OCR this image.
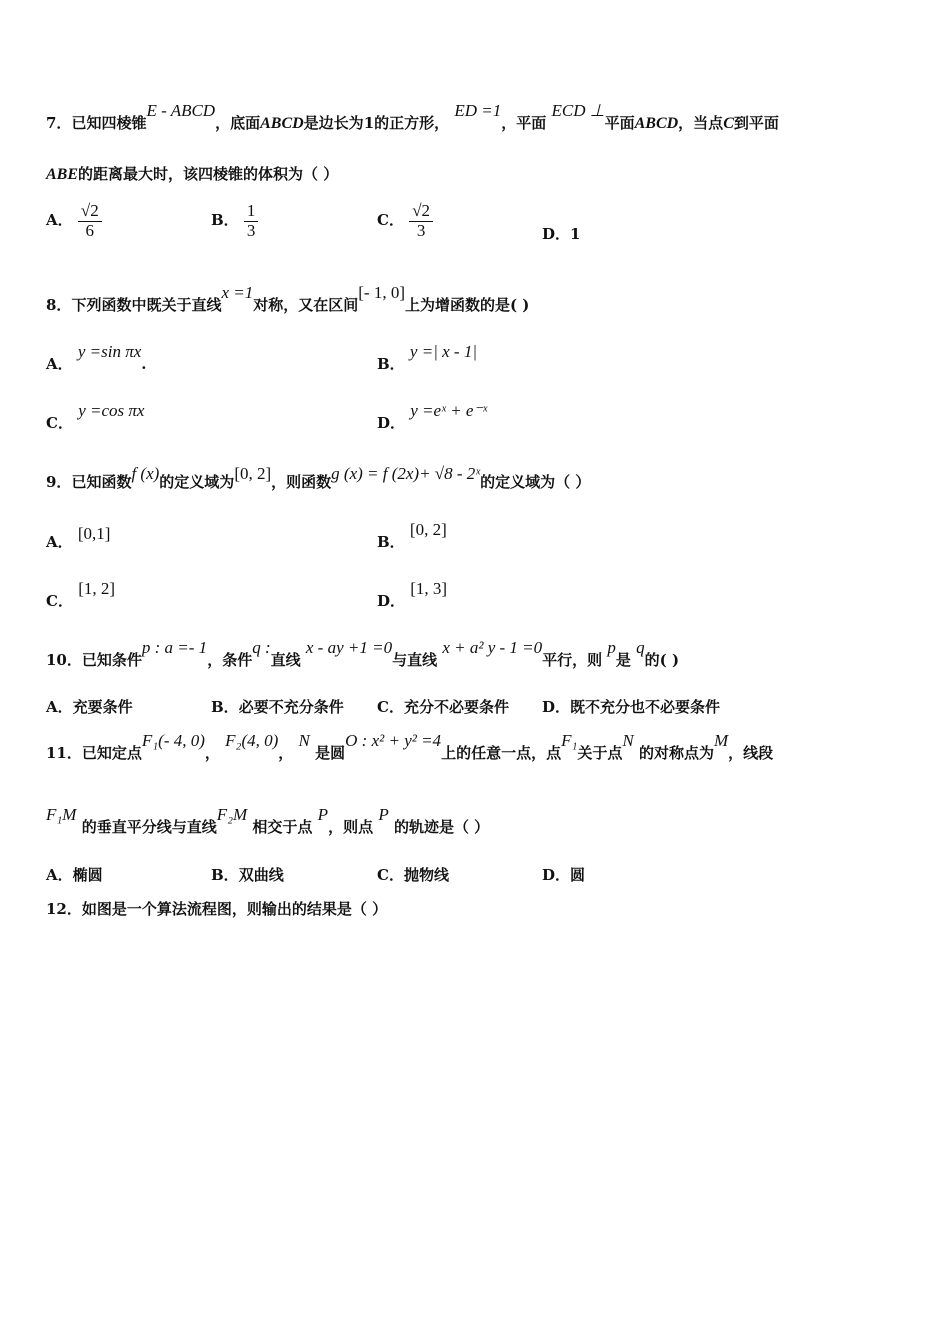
7．已知四棱锥E - ABCD，底面ABCD是边长为1的正方形， ED =1，平面 ECD ⊥平面ABCD，当点C到平面
ABE的距离最大时，该四棱锥的体积为（ ）
A． $\frac{√2}{6}$	B． $\frac{1}{3}$	C． $\frac{√2}{3}$	D．1
8．下列函数中既关于直线x =1对称，又在区间[- 1, 0]上为增函数的是( )
A． y =sin πx.	B． y =| x - 1|
C． y =cos πx
D． y =eˣ + e⁻ˣ
9．已知函数f (x)的定义域为[0, 2]，则函数g (x) = f (2x)+ √8 - 2ˣ的定义域为（ ）
A． [0,1]	B． [0, 2]
C． [1, 2]
D． [1, 3]
10．已知条件p : a =- 1，条件q :直线 x - ay +1 =0与直线 x + a² y - 1 =0平行，则 p是 q的( )
A．充要条件	B．必要不充分条件 C．充分不必要条件 D．既不充分也不必要条件
11．已知定点F₁(- 4, 0)， F₂(4, 0)， N 是圆O : x² + y² =4上的任意一点，点F₁关于点N 的对称点为M，线段
F₁M 的垂直平分线与直线F₂M 相交于点 P，则点 P 的轨迹是（ ）
A．椭圆	B．双曲线	C．抛物线	D．圆
12．如图是一个算法流程图，则输出的结果是（ ）
